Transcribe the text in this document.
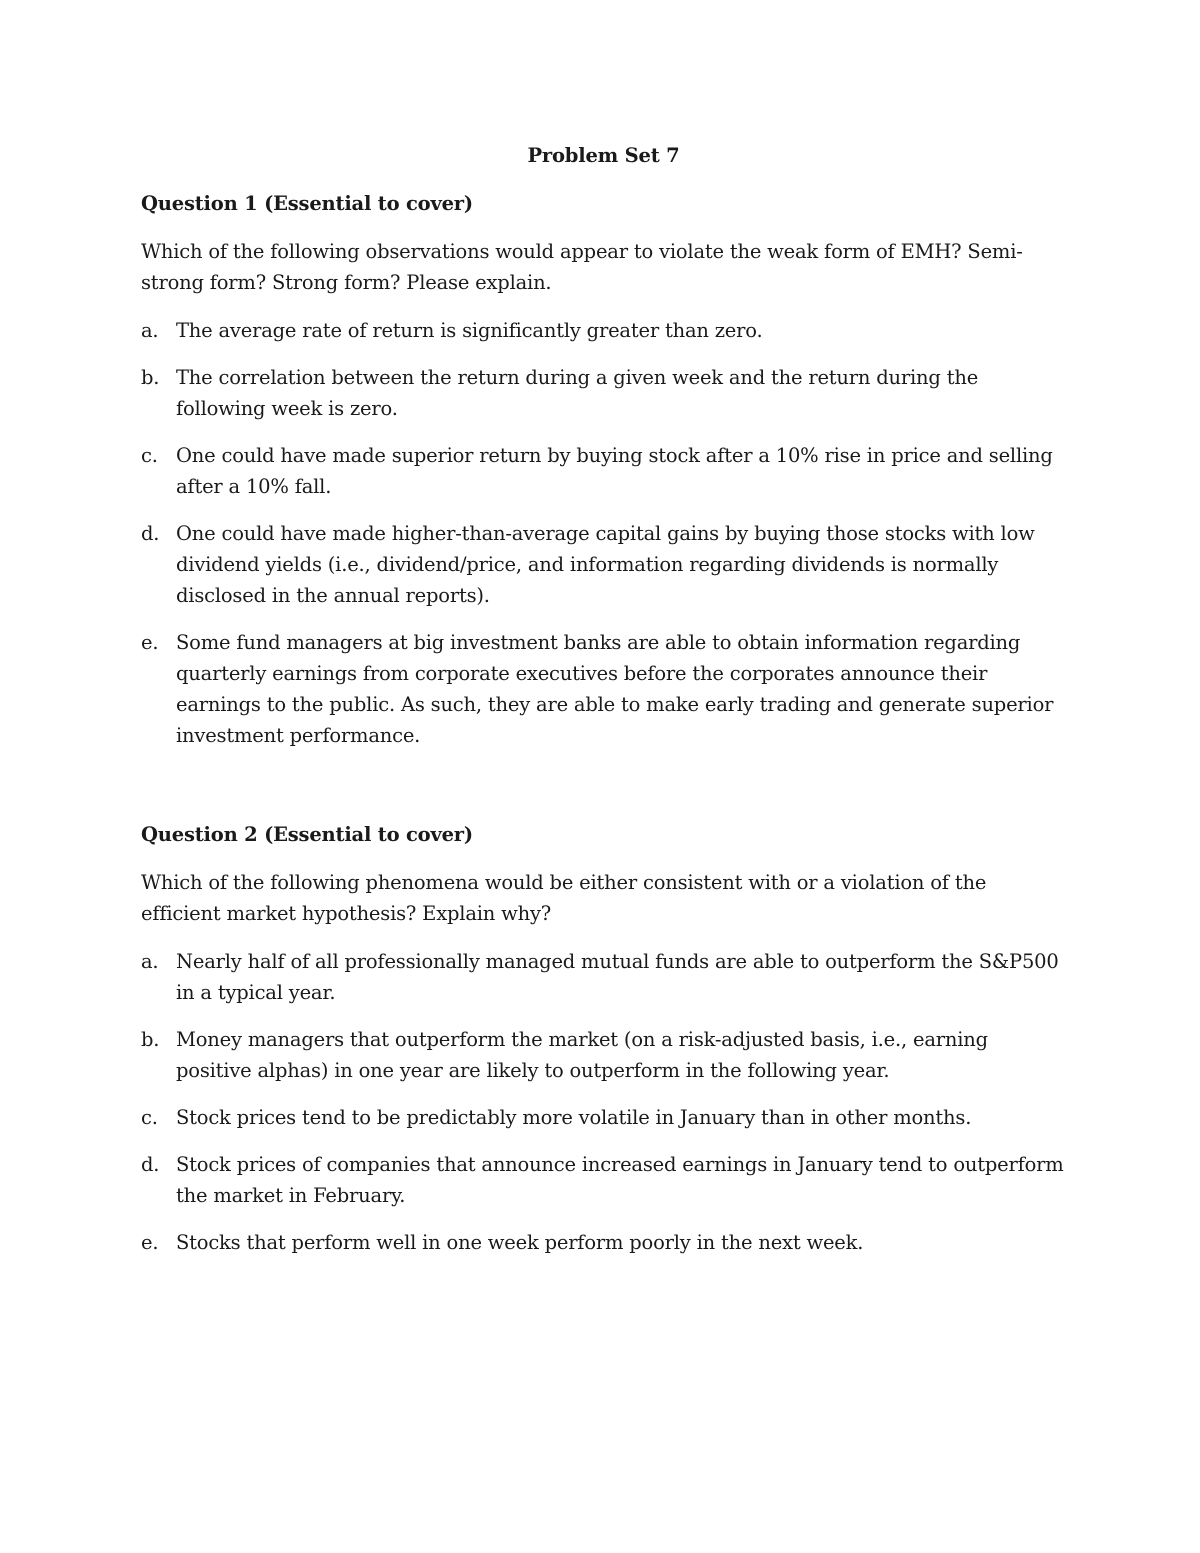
Problem Set 7
Question 1 (Essential to cover)
Which of the following observations would appear to violate the weak form of EMH? Semi-strong form? Strong form? Please explain.
a. The average rate of return is significantly greater than zero.
b. The correlation between the return during a given week and the return during the following week is zero.
c. One could have made superior return by buying stock after a 10% rise in price and selling after a 10% fall.
d. One could have made higher-than-average capital gains by buying those stocks with low dividend yields (i.e., dividend/price, and information regarding dividends is normally disclosed in the annual reports).
e. Some fund managers at big investment banks are able to obtain information regarding quarterly earnings from corporate executives before the corporates announce their earnings to the public. As such, they are able to make early trading and generate superior investment performance.
Question 2 (Essential to cover)
Which of the following phenomena would be either consistent with or a violation of the efficient market hypothesis? Explain why?
a. Nearly half of all professionally managed mutual funds are able to outperform the S&P500 in a typical year.
b. Money managers that outperform the market (on a risk-adjusted basis, i.e., earning positive alphas) in one year are likely to outperform in the following year.
c. Stock prices tend to be predictably more volatile in January than in other months.
d. Stock prices of companies that announce increased earnings in January tend to outperform the market in February.
e. Stocks that perform well in one week perform poorly in the next week.
